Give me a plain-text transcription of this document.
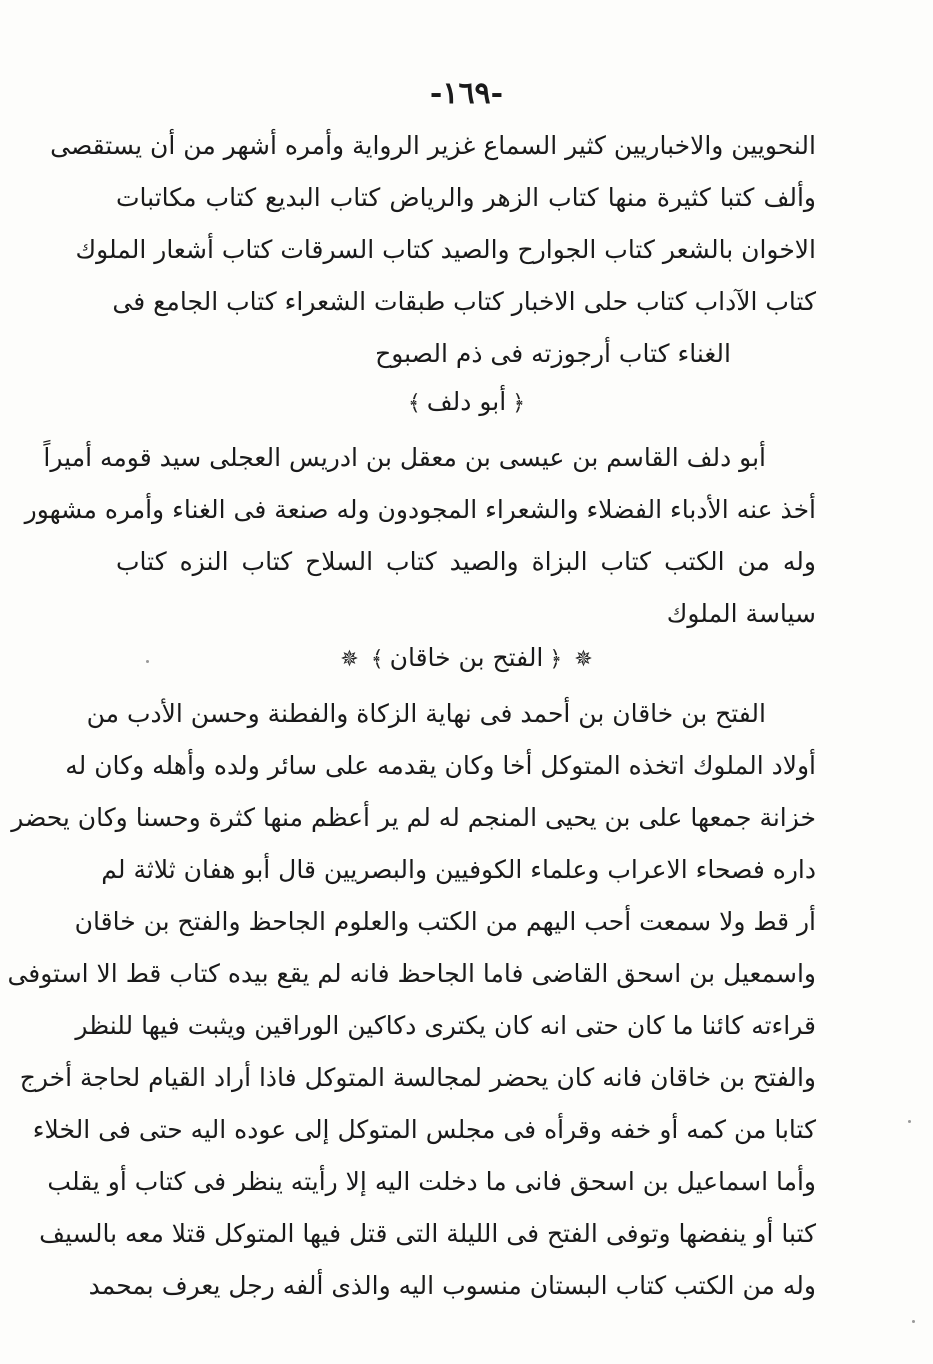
-١٦٩-
النحويين والاخباريين كثير السماع غزير الرواية وأمره أشهر من أن يستقصى
وألف كتبا كثيرة منها كتاب الزهر والرياض كتاب البديع كتاب مكاتبات
الاخوان بالشعر كتاب الجوارح والصيد كتاب السرقات كتاب أشعار الملوك
كتاب الآداب كتاب حلى الاخبار كتاب طبقات الشعراء كتاب الجامع فى
الغناء كتاب أرجوزته فى ذم الصبوح
﴿أبو دلف﴾
أبو دلف القاسم بن عيسى بن معقل بن ادريس العجلى سيد قومه أميراً
أخذ عنه الأدباء الفضلاء والشعراء المجودون وله صنعة فى الغناء وأمره مشهور
وله من الكتب كتاب البزاة والصيد كتاب السلاح كتاب النزه كتاب
سياسة الملوك
✵﴿الفتح بن خاقان﴾✵
الفتح بن خاقان بن أحمد فى نهاية الزكاة والفطنة وحسن الأدب من
أولاد الملوك اتخذه المتوكل أخا وكان يقدمه على سائر ولده وأهله وكان له
خزانة جمعها على بن يحيى المنجم له لم ير أعظم منها كثرة وحسنا وكان يحضر
داره فصحاء الاعراب وعلماء الكوفيين والبصريين قال أبو هفان ثلاثة لم
أر قط ولا سمعت أحب اليهم من الكتب والعلوم الجاحظ والفتح بن خاقان
واسمعيل بن اسحق القاضى فاما الجاحظ فانه لم يقع بيده كتاب قط الا استوفى
قراءته كائنا ما كان حتى انه كان يكترى دكاكين الوراقين ويثبت فيها للنظر
والفتح بن خاقان فانه كان يحضر لمجالسة المتوكل فاذا أراد القيام لحاجة أخرج
كتابا من كمه أو خفه وقرأه فى مجلس المتوكل إلى عوده اليه حتى فى الخلاء
وأما اسماعيل بن اسحق فانى ما دخلت اليه إلا رأيته ينظر فى كتاب أو يقلب
كتبا أو ينفضها وتوفى الفتح فى الليلة التى قتل فيها المتوكل قتلا معه بالسيف
وله من الكتب كتاب البستان منسوب اليه والذى ألفه رجل يعرف بمحمد
